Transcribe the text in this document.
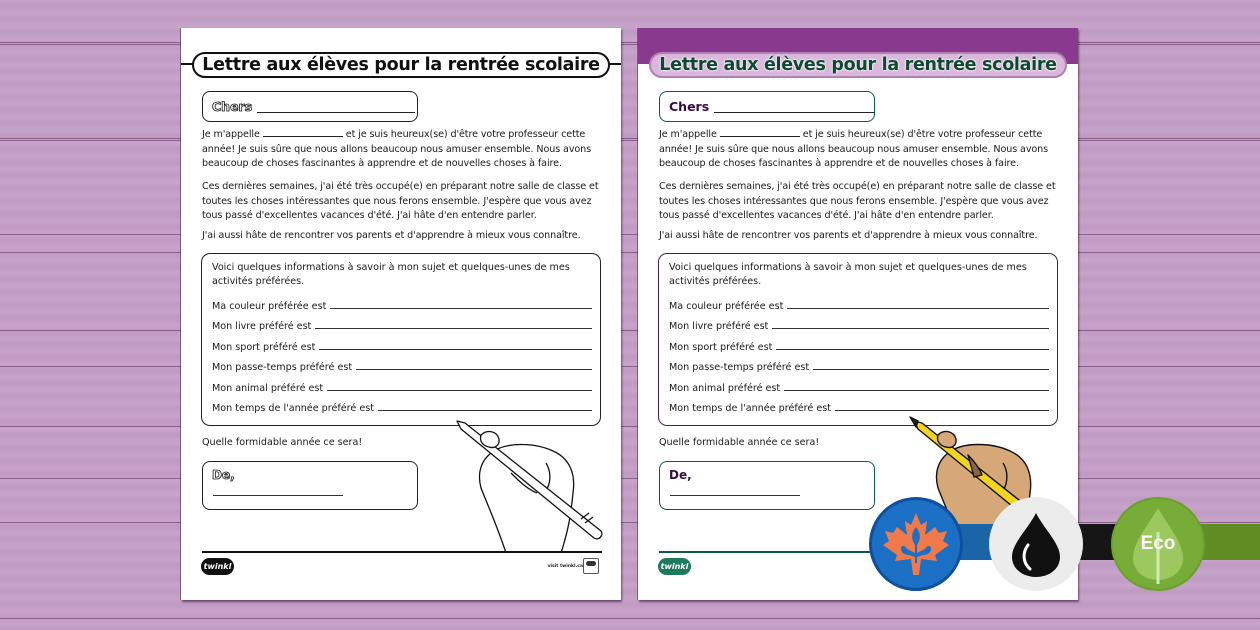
Lettre aux élèves pour la rentrée scolaire
Chers
Je m'appelle	et je suis heureux(se) d'être votre professeur cette année! Je suis sûre que nous allons beaucoup nous amuser ensemble. Nous avons beaucoup de choses fascinantes à apprendre et de nouvelles choses à faire.
Ces dernières semaines, j'ai été très occupé(e) en préparant notre salle de classe et toutes les choses intéressantes que nous ferons ensemble. J'espère que vous avez tous passé d'excellentes vacances d'été. J'ai hâte d'en entendre parler.
J'ai aussi hâte de rencontrer vos parents et d'apprendre à mieux vous connaître.
Voici quelques informations à savoir à mon sujet et quelques-unes de mes activités préférées.
Ma couleur préférée est
Mon livre préféré est
Mon sport préféré est
Mon passe-temps préféré est
Mon animal préféré est
Mon temps de l'année préféré est
Quelle formidable année ce sera!
De,
twinkl	visit twinkl.ca
Lettre aux élèves pour la rentrée scolaire
Chers
Je m'appelle	et je suis heureux(se) d'être votre professeur cette année! Je suis sûre que nous allons beaucoup nous amuser ensemble. Nous avons beaucoup de choses fascinantes à apprendre et de nouvelles choses à faire.
Ces dernières semaines, j'ai été très occupé(e) en préparant notre salle de classe et toutes les choses intéressantes que nous ferons ensemble. J'espère que vous avez tous passé d'excellentes vacances d'été. J'ai hâte d'en entendre parler.
J'ai aussi hâte de rencontrer vos parents et d'apprendre à mieux vous connaître.
Voici quelques informations à savoir à mon sujet et quelques-unes de mes activités préférées.
Ma couleur préférée est
Mon livre préféré est
Mon sport préféré est
Mon passe-temps préféré est
Mon animal préféré est
Mon temps de l'année préféré est
Quelle formidable année ce sera!
De,
twinkl
Eco
